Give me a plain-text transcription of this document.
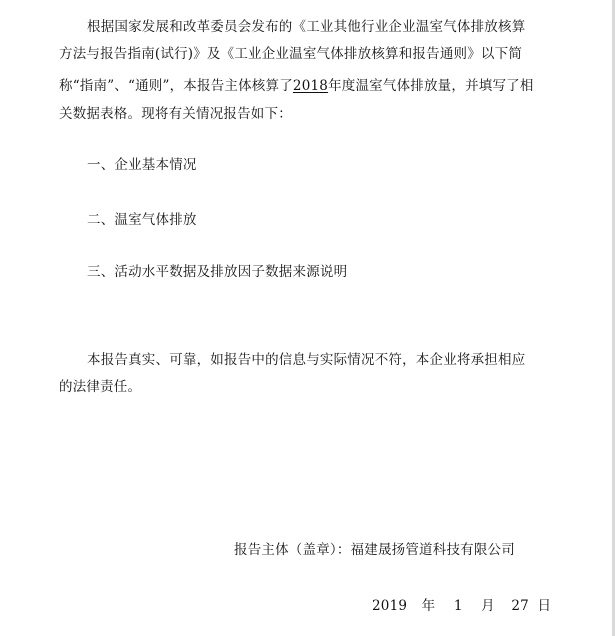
根据国家发展和改革委员会发布的《工业其他行业企业温室气体排放核算
方法与报告指南(试行)》及《工业企业温室气体排放核算和报告通则》以下简
称“指南”、“通则”，本报告主体核算了2018年度温室气体排放量，并填写了相
关数据表格。现将有关情况报告如下：
一、企业基本情况
二、温室气体排放
三、活动水平数据及排放因子数据来源说明
本报告真实、可靠，如报告中的信息与实际情况不符，本企业将承担相应
的法律责任。
报告主体（盖章）：福建晟扬管道科技有限公司
2019 年 1 月 27 日
